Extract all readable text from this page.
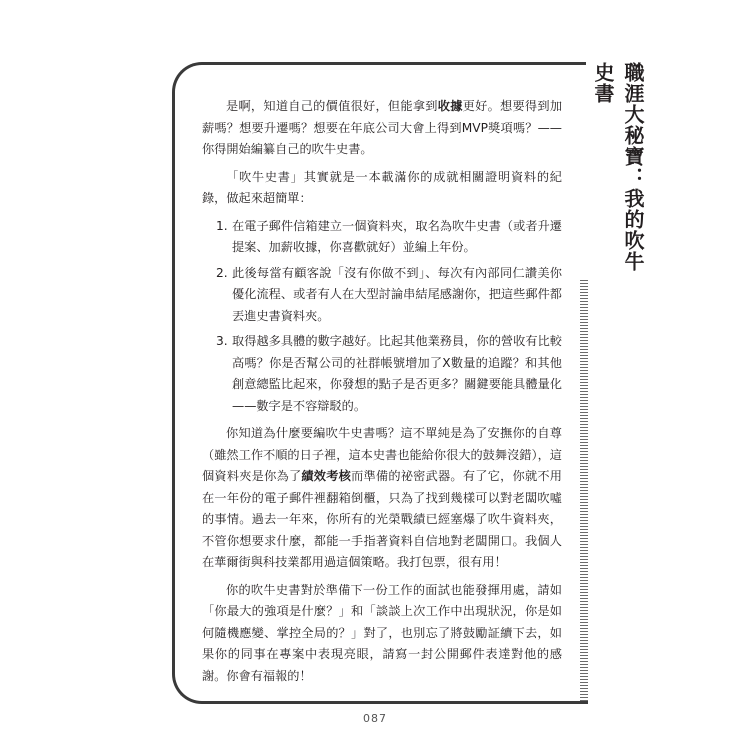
職涯大秘寶：我的吹牛史書

是啊，知道自己的價值很好，但能拿到收據更好。想要得到加薪嗎？想要升遷嗎？想要在年底公司大會上得到MVP獎項嗎？——你得開始編纂自己的吹牛史書。

「吹牛史書」其實就是一本載滿你的成就相關證明資料的紀錄，做起來超簡單：

1. 在電子郵件信箱建立一個資料夾，取名為吹牛史書（或者升遷提案、加薪收據，你喜歡就好）並編上年份。
2. 此後每當有顧客說「沒有你做不到」、每次有內部同仁讚美你優化流程、或者有人在大型討論串結尾感謝你，把這些郵件都丟進史書資料夾。
3. 取得越多具體的數字越好。比起其他業務員，你的營收有比較高嗎？你是否幫公司的社群帳號增加了X數量的追蹤？和其他創意總監比起來，你發想的點子是否更多？關鍵要能具體量化——數字是不容辯駁的。

你知道為什麼要編吹牛史書嗎？這不單純是為了安撫你的自尊（雖然工作不順的日子裡，這本史書也能給你很大的鼓舞沒錯），這個資料夾是你為了績效考核而準備的祕密武器。有了它，你就不用在一年份的電子郵件裡翻箱倒櫃，只為了找到幾樣可以對老闆吹噓的事情。過去一年來，你所有的光榮戰績已經塞爆了吹牛資料夾，不管你想要求什麼，都能一手指著資料自信地對老闆開口。我個人在華爾街與科技業都用過這個策略。我打包票，很有用！

你的吹牛史書對於準備下一份工作的面試也能發揮用處，請如「你最大的強項是什麼？」和「談談上次工作中出現狀況，你是如何隨機應變、掌控全局的？」對了，也別忘了將鼓勵証續下去，如果你的同事在專案中表現亮眼，請寫一封公開郵件表達對他的感謝。你會有福報的！

087
